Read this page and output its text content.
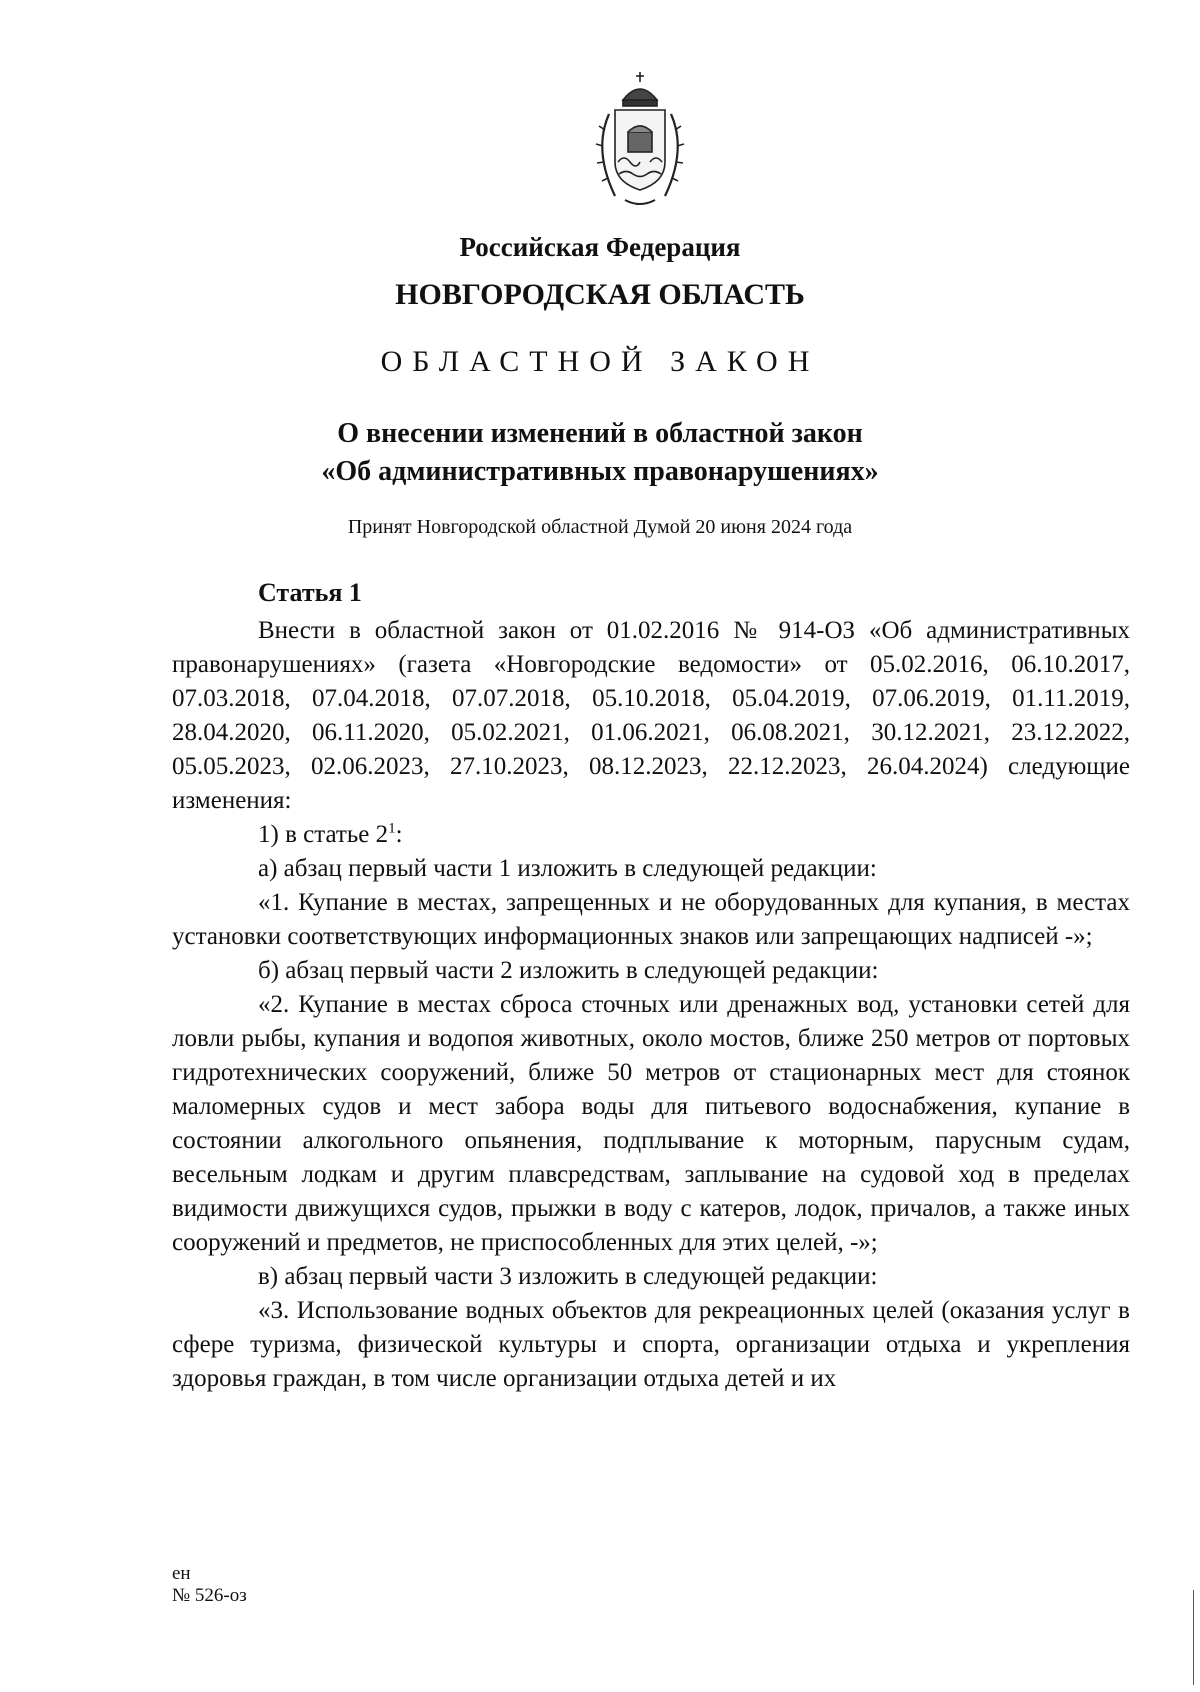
Российская Федерация
НОВГОРОДСКАЯ ОБЛАСТЬ
ОБЛАСТНОЙ ЗАКОН
О внесении изменений в областной закон
«Об административных правонарушениях»
Принят Новгородской областной Думой 20 июня 2024 года
Статья 1

Внести в областной закон от 01.02.2016 № 914-ОЗ «Об административных правонарушениях» (газета «Новгородские ведомости» от 05.02.2016, 06.10.2017, 07.03.2018, 07.04.2018, 07.07.2018, 05.10.2018, 05.04.2019, 07.06.2019, 01.11.2019, 28.04.2020, 06.11.2020, 05.02.2021, 01.06.2021, 06.08.2021, 30.12.2021, 23.12.2022, 05.05.2023, 02.06.2023, 27.10.2023, 08.12.2023, 22.12.2023, 26.04.2024) следующие изменения:

1) в статье $2^1$:

а) абзац первый части 1 изложить в следующей редакции:

«1. Купание в местах, запрещенных и не оборудованных для купания, в местах установки соответствующих информационных знаков или запрещающих надписей -»;

б) абзац первый части 2 изложить в следующей редакции:

«2. Купание в местах сброса сточных или дренажных вод, установки сетей для ловли рыбы, купания и водопоя животных, около мостов, ближе 250 метров от портовых гидротехнических сооружений, ближе 50 метров от стационарных мест для стоянок маломерных судов и мест забора воды для питьевого водоснабжения, купание в состоянии алкогольного опьянения, подплывание к моторным, парусным судам, весельным лодкам и другим плавсредствам, заплывание на судовой ход в пределах видимости движущихся судов, прыжки в воду с катеров, лодок, причалов, а также иных сооружений и предметов, не приспособленных для этих целей, -»;

в) абзац первый части 3 изложить в следующей редакции:

«3. Использование водных объектов для рекреационных целей (оказания услуг в сфере туризма, физической культуры и спорта, организации отдыха и укрепления здоровья граждан, в том числе организации отдыха детей и их

ен
№ 526-оз
